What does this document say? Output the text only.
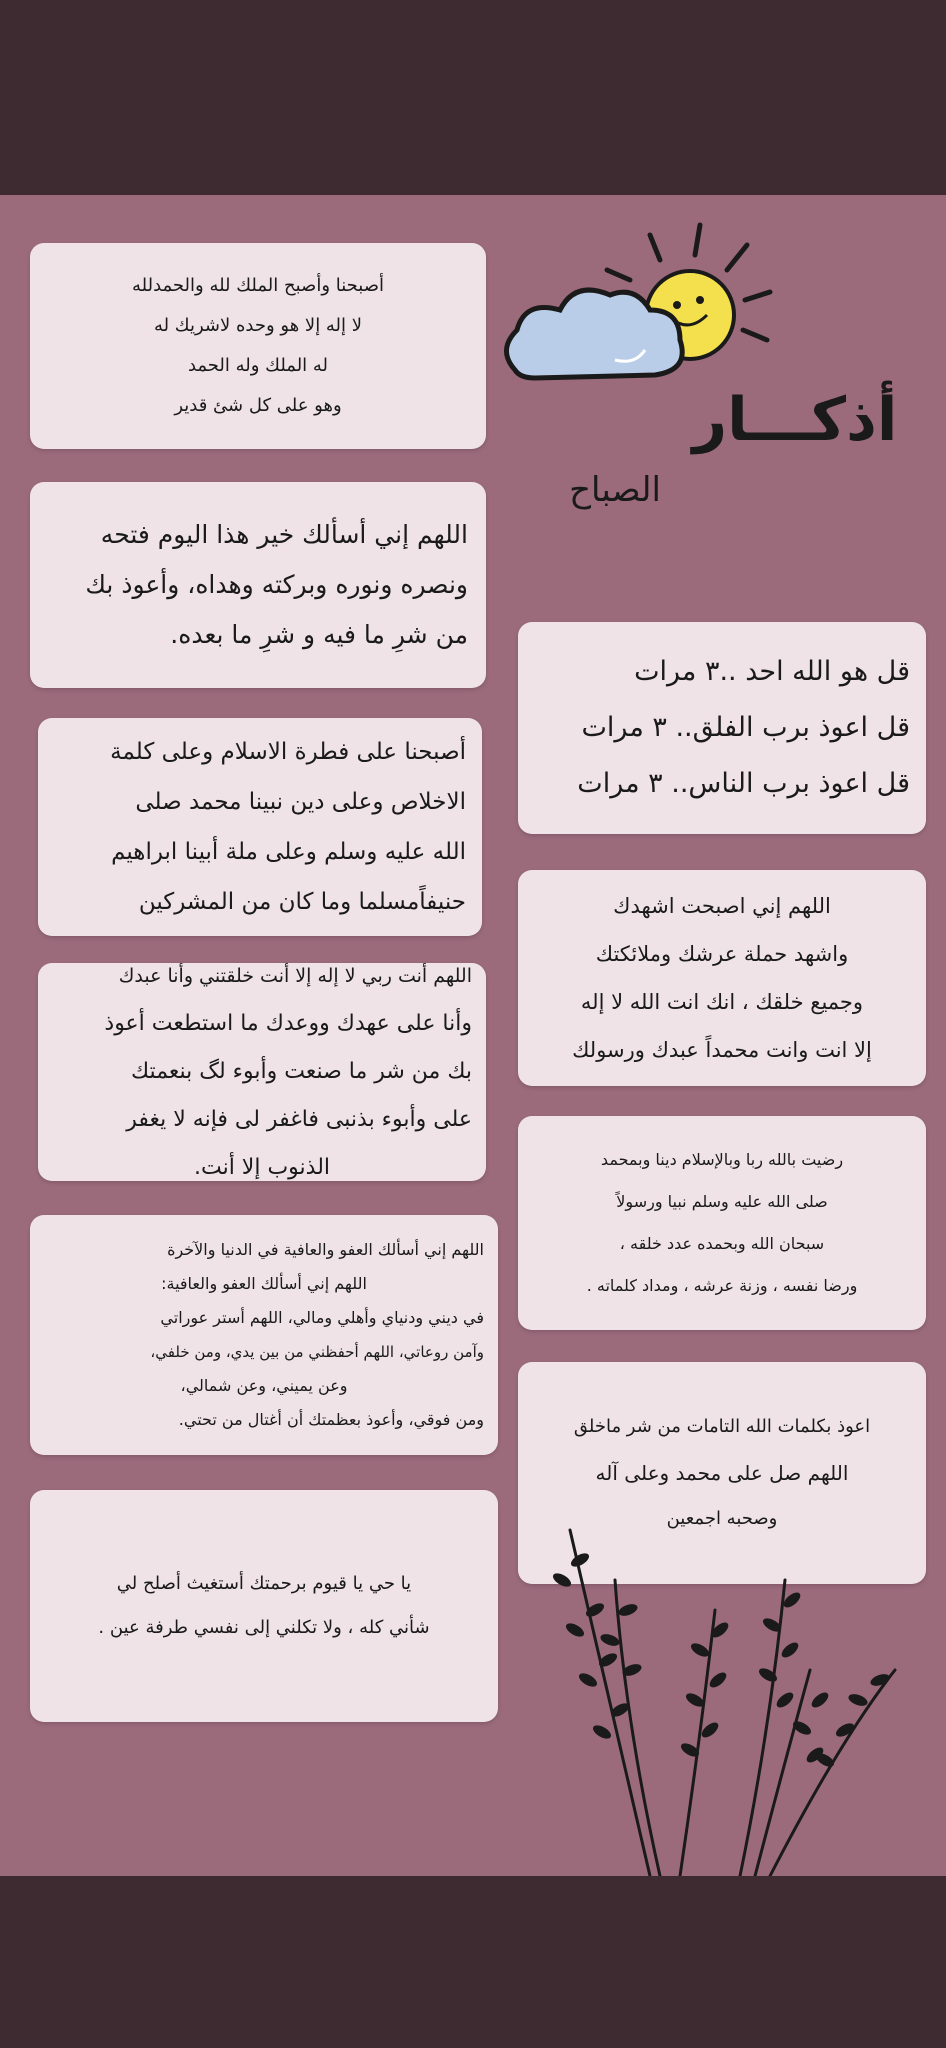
أذكـــار
الصباح
أصبحنا وأصبح الملك لله والحمدلله
لا إله إلا هو وحده لاشريك له
له الملك وله الحمد
وهو على كل شئ قدير
اللهم إني أسألك خير هذا اليوم فتحه
ونصره ونوره وبركته وهداه، وأعوذ بك
من شرِ ما فيه و شرِ ما بعده.
أصبحنا على فطرة الاسلام وعلى كلمة
الاخلاص وعلى دين نبينا محمد صلى
الله عليه وسلم وعلى ملة أبينا ابراهيم
حنيفاًمسلما وما كان من المشركين
اللهم أنت ربي لا إله إلا أنت خلقتني وأنا عبدك
وأنا على عهدك ووعدك ما استطعت أعوذ
بك من شر ما صنعت وأبوء لگ بنعمتك
على وأبوء بذنبى فاغفر لى فإنه لا يغفر
الذنوب إلا أنت.
اللهم إني أسألك العفو والعافية في الدنيا والآخرة
اللهم إني أسألك العفو والعافية:
في ديني ودنياي وأهلي ومالي، اللهم أستر عوراتي
وآمن روعاتي، اللهم أحفظني من بين يدي، ومن خلفي،
وعن يميني، وعن شمالي،
ومن فوقي، وأعوذ بعظمتك أن أغتال من تحتي.
يا حي يا قيوم برحمتك أستغيث أصلح لي
شأني كله ، ولا تكلني إلى نفسي طرفة عين .
قل هو الله احد ..٣ مرات
قل اعوذ برب الفلق.. ٣ مرات
قل اعوذ برب الناس.. ٣ مرات
اللهم إني اصبحت اشهدك
واشهد حملة عرشك وملائكتك
وجميع خلقك ، انك انت الله لا إله
إلا انت وانت محمداً عبدك ورسولك
رضيت بالله ربا وبالإسلام دينا وبمحمد
صلى الله عليه وسلم نبيا ورسولاً
سبحان الله وبحمده عدد خلقه ،
ورضا نفسه ، وزنة عرشه ، ومداد كلماته .
اعوذ بكلمات الله التامات من شر ماخلق
اللهم صل على محمد وعلى آله
وصحبه اجمعين
